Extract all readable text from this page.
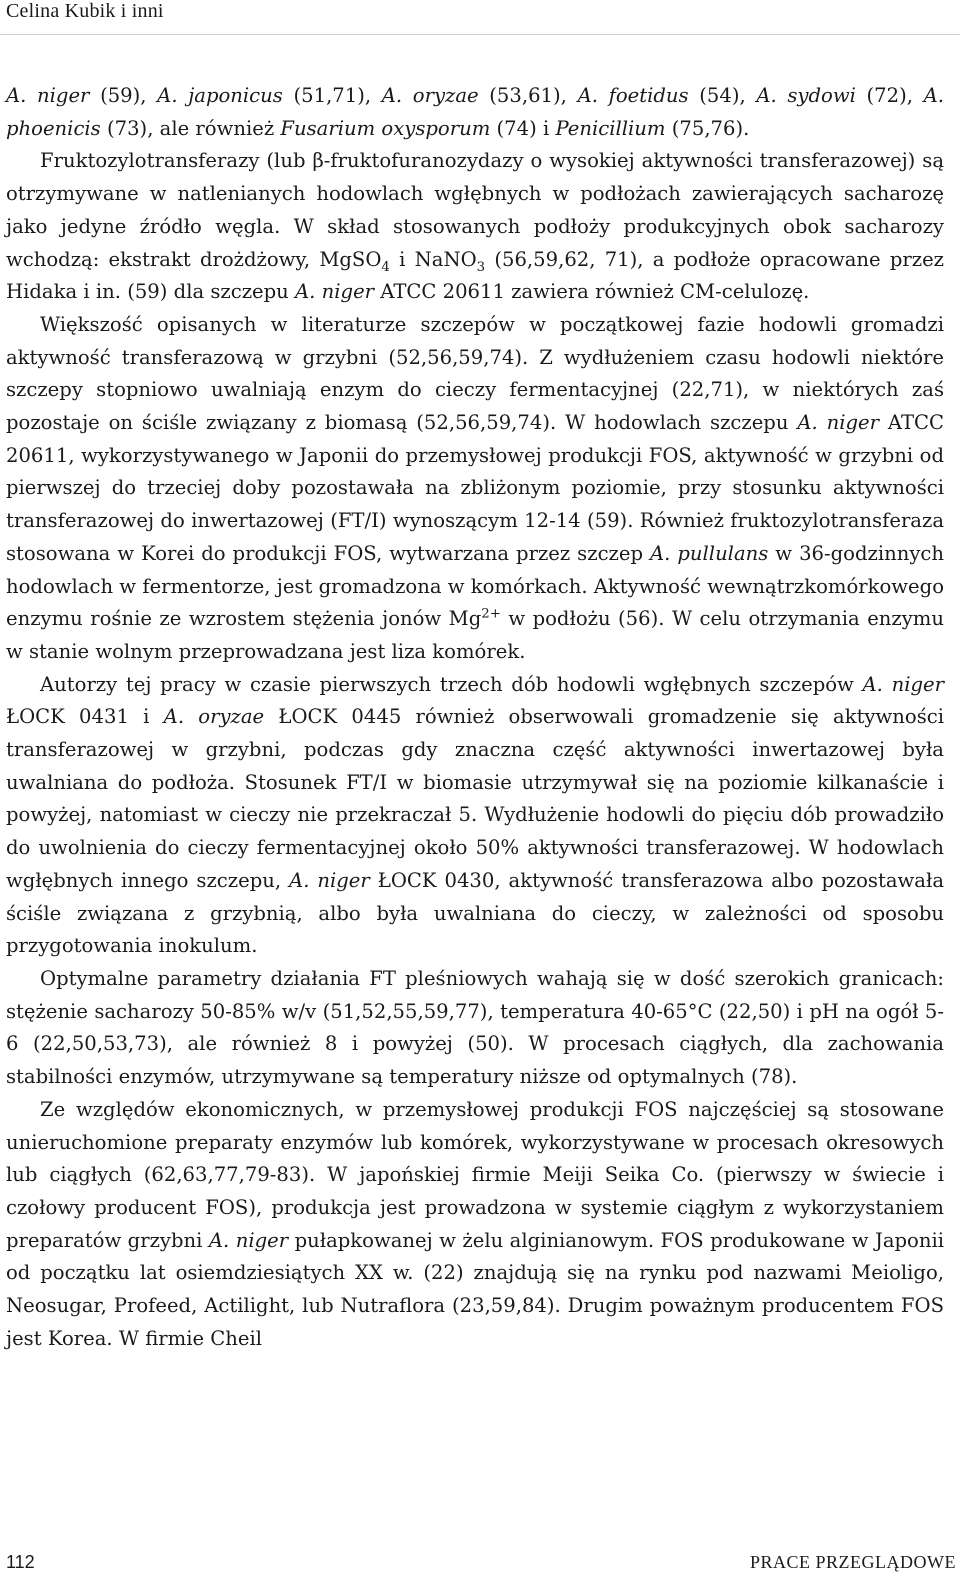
Celina Kubik i inni

A. niger (59), A. japonicus (51,71), A. oryzae (53,61), A. foetidus (54), A. sydowi (72), A. phoenicis (73), ale również Fusarium oxysporum (74) i Penicillium (75,76).

Fruktozylotransferazy (lub β-fruktofuranozydazy o wysokiej aktywności transferazowej) są otrzymywane w natlenianych hodowlach wgłębnych w podłożach zawierających sacharozę jako jedyne źródło węgla. W skład stosowanych podłoży produkcyjnych obok sacharozy wchodzą: ekstrakt drożdżowy, MgSO$_4$ i NaNO$_3$ (56,59,62, 71), a podłoże opracowane przez Hidaka i in. (59) dla szczepu A. niger ATCC 20611 zawiera również CM-celulozę.

Większość opisanych w literaturze szczepów w początkowej fazie hodowli gromadzi aktywność transferazową w grzybni (52,56,59,74). Z wydłużeniem czasu hodowli niektóre szczepy stopniowo uwalniają enzym do cieczy fermentacyjnej (22,71), w niektórych zaś pozostaje on ściśle związany z biomasą (52,56,59,74). W hodowlach szczepu A. niger ATCC 20611, wykorzystywanego w Japonii do przemysłowej produkcji FOS, aktywność w grzybni od pierwszej do trzeciej doby pozostawała na zbliżonym poziomie, przy stosunku aktywności transferazowej do inwertazowej (FT/I) wynoszącym 12-14 (59). Również fruktozylotransferaza stosowana w Korei do produkcji FOS, wytwarzana przez szczep A. pullulans w 36-godzinnych hodowlach w fermentorze, jest gromadzona w komórkach. Aktywność wewnątrzkomórkowego enzymu rośnie ze wzrostem stężenia jonów $Mg^{2+}$ w podłożu (56). W celu otrzymania enzymu w stanie wolnym przeprowadzana jest liza komórek.

Autorzy tej pracy w czasie pierwszych trzech dób hodowli wgłębnych szczepów A. niger ŁOCK 0431 i A. oryzae ŁOCK 0445 również obserwowali gromadzenie się aktywności transferazowej w grzybni, podczas gdy znaczna część aktywności inwertazowej była uwalniana do podłoża. Stosunek FT/I w biomasie utrzymywał się na poziomie kilkanaście i powyżej, natomiast w cieczy nie przekraczał 5. Wydłużenie hodowli do pięciu dób prowadziło do uwolnienia do cieczy fermentacyjnej około 50% aktywności transferazowej. W hodowlach wgłębnych innego szczepu, A. niger ŁOCK 0430, aktywność transferazowa albo pozostawała ściśle związana z grzybnią, albo była uwalniana do cieczy, w zależności od sposobu przygotowania inokulum.

Optymalne parametry działania FT pleśniowych wahają się w dość szerokich granicach: stężenie sacharozy 50-85% w/v (51,52,55,59,77), temperatura 40-65°C (22,50) i pH na ogół 5-6 (22,50,53,73), ale również 8 i powyżej (50). W procesach ciągłych, dla zachowania stabilności enzymów, utrzymywane są temperatury niższe od optymalnych (78).

Ze względów ekonomicznych, w przemysłowej produkcji FOS najczęściej są stosowane unieruchomione preparaty enzymów lub komórek, wykorzystywane w procesach okresowych lub ciągłych (62,63,77,79-83). W japońskiej firmie Meiji Seika Co. (pierwszy w świecie i czołowy producent FOS), produkcja jest prowadzona w systemie ciągłym z wykorzystaniem preparatów grzybni A. niger pułapkowanej w żelu alginianowym. FOS produkowane w Japonii od początku lat osiemdziesiątych XX w. (22) znajdują się na rynku pod nazwami Meioligo, Neosugar, Profeed, Actilight, lub Nutraflora (23,59,84). Drugim poważnym producentem FOS jest Korea. W firmie Cheil

112	PRACE PRZEGLĄDOWE
